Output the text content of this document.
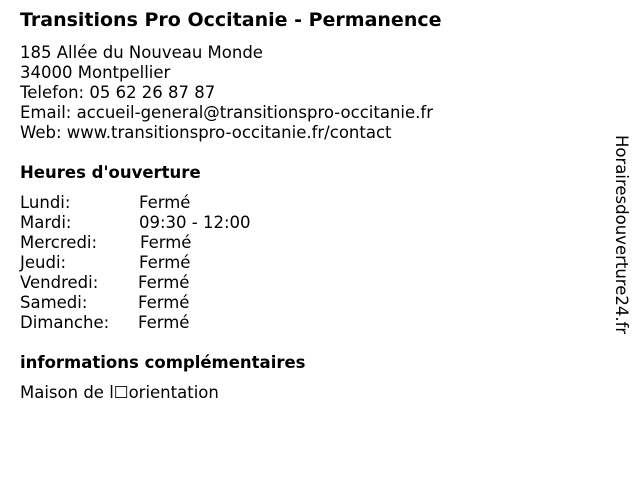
Transitions Pro Occitanie - Permanence
185 Allée du Nouveau Monde
34000 Montpellier
Telefon: 05 62 26 87 87
Email: accueil-general@transitionspro-occitanie.fr
Web: www.transitionspro-occitanie.fr/contact
Heures d'ouverture
Lundi:	Fermé
Mardi:	09:30 - 12:00
Mercredi:	Fermé
Jeudi:	Fermé
Vendredi: Fermé
Samedi:	Fermé
Dimanche: Fermé
informations complémentaires
Maison de l☐orientation
Horairesdouverture24.fr
